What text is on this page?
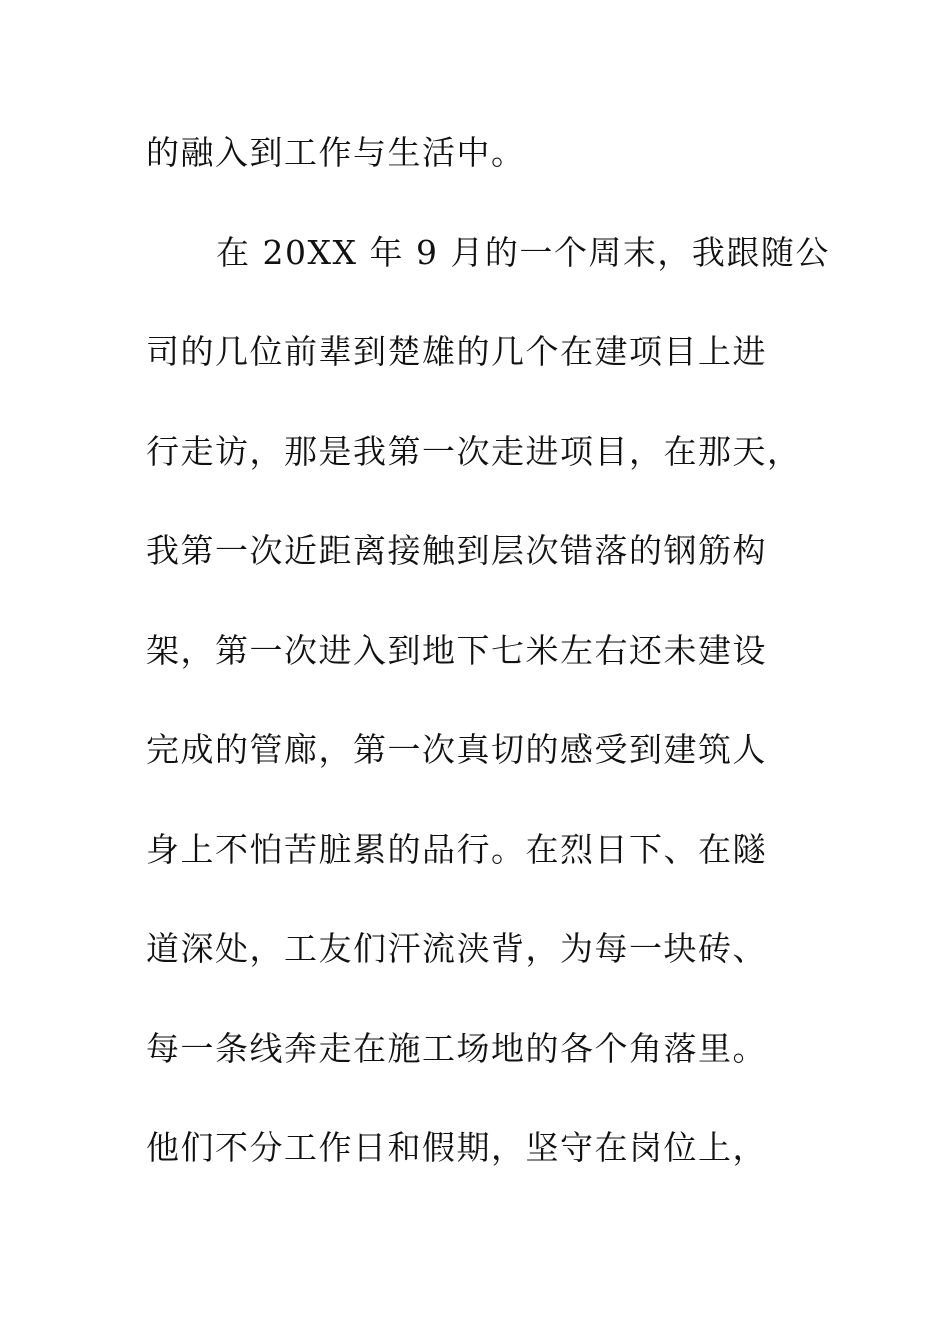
的融入到工作与生活中。
在 20XX 年 9 月的一个周末，我跟随公
司的几位前辈到楚雄的几个在建项目上进
行走访，那是我第一次走进项目，在那天，
我第一次近距离接触到层次错落的钢筋构
架，第一次进入到地下七米左右还未建设
完成的管廊，第一次真切的感受到建筑人
身上不怕苦脏累的品行。在烈日下、在隧
道深处，工友们汗流浃背，为每一块砖、
每一条线奔走在施工场地的各个角落里。
他们不分工作日和假期，坚守在岗位上，
